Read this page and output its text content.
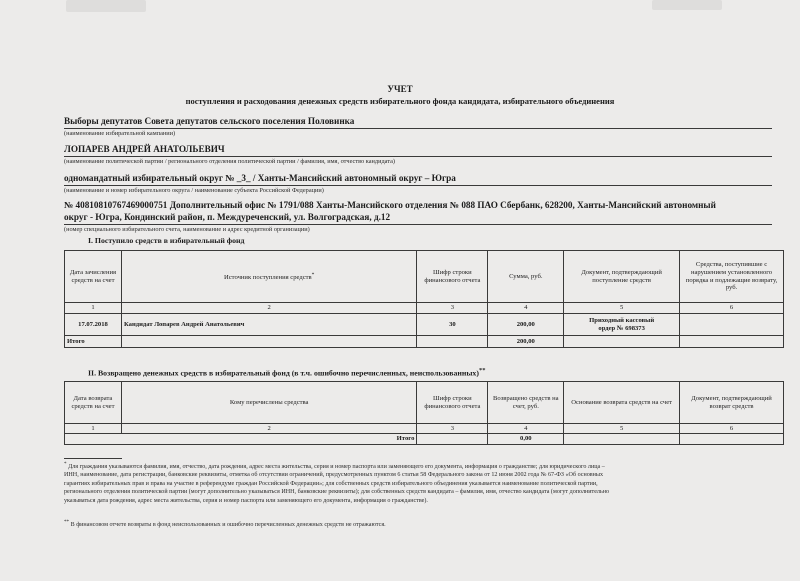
УЧЕТ
поступления и расходования денежных средств избирательного фонда кандидата, избирательного объединения
Выборы депутатов Совета депутатов сельского поселения Половинка
(наименование избирательной кампании)
ЛОПАРЕВ АНДРЕЙ АНАТОЛЬЕВИЧ
(наименование политической партии / регионального отделения политической партии / фамилия, имя, отчество кандидата)
одномандатный избирательный округ № _3_ / Ханты-Мансийский автономный округ – Югра
(наименование и номер избирательного округа / наименование субъекта Российской Федерации)
№ 40810810767469000751 Дополнительный офис № 1791/088 Ханты-Мансийского отделения № 088 ПАО Сбербанк, 628200, Ханты-Мансийский автономный
округ - Югра, Кондинский район, п. Междуреченский, ул. Волгоградская, д.12
(номер специального избирательного счета, наименование и адрес кредитной организации)
I. Поступило средств в избирательный фонд
Дата зачисления средств на счет	Источник поступления средств*	Шифр строки финансового отчета	Сумма, руб.	Документ, подтверждающий поступление средств	Средства, поступившие с нарушением установленного порядка и подлежащие возврату, руб.
1	2	3	4	5	6
17.07.2018	Кандидат Лопарев Андрей Анатольевич	30	200,00	Приходный кассовый
ордер № 698373	

Итого			200,00		
II. Возвращено денежных средств в избирательный фонд (в т.ч. ошибочно перечисленных, неиспользованных)**
Дата возврата средств на счет	Кому перечислены средства	Шифр строки финансового отчета	Возвращено средств на счет, руб.	Основание возврата средств на счет	Документ, подтверждающий возврат средств
1	2	3	4	5	6
Итого			0,00		
* Для граждания указываются фамилия, имя, отчество, дата рождения, адрес места жительства, серия и номер паспорта или заменяющего его документа, информация о гражданстве; для юридического лица –
ИНН, наименование, дата регистрации, банковские реквизиты, отметка об отсутствии ограничений, предусмотренных пунктом 6 статьи 58 Федерального закона от 12 июня 2002 года № 67-ФЗ «Об основных
гарантиях избирательных прав и права на участие в референдуме граждан Российской Федерации»; для собственных средств избирательного объединения указывается наименование политической партии,
регионального отделения политической партии (могут дополнительно указываться ИНН, банковские реквизиты); для собственных средств кандидата – фамилия, имя, отчество кандидата (могут дополнительно
указываться дата рождения, адрес места жительства, серия и номер паспорта или заменяющего его документа, информация о гражданстве).
** В финансовом отчете возвраты в фонд неиспользованных и ошибочно перечисленных денежных средств не отражаются.
